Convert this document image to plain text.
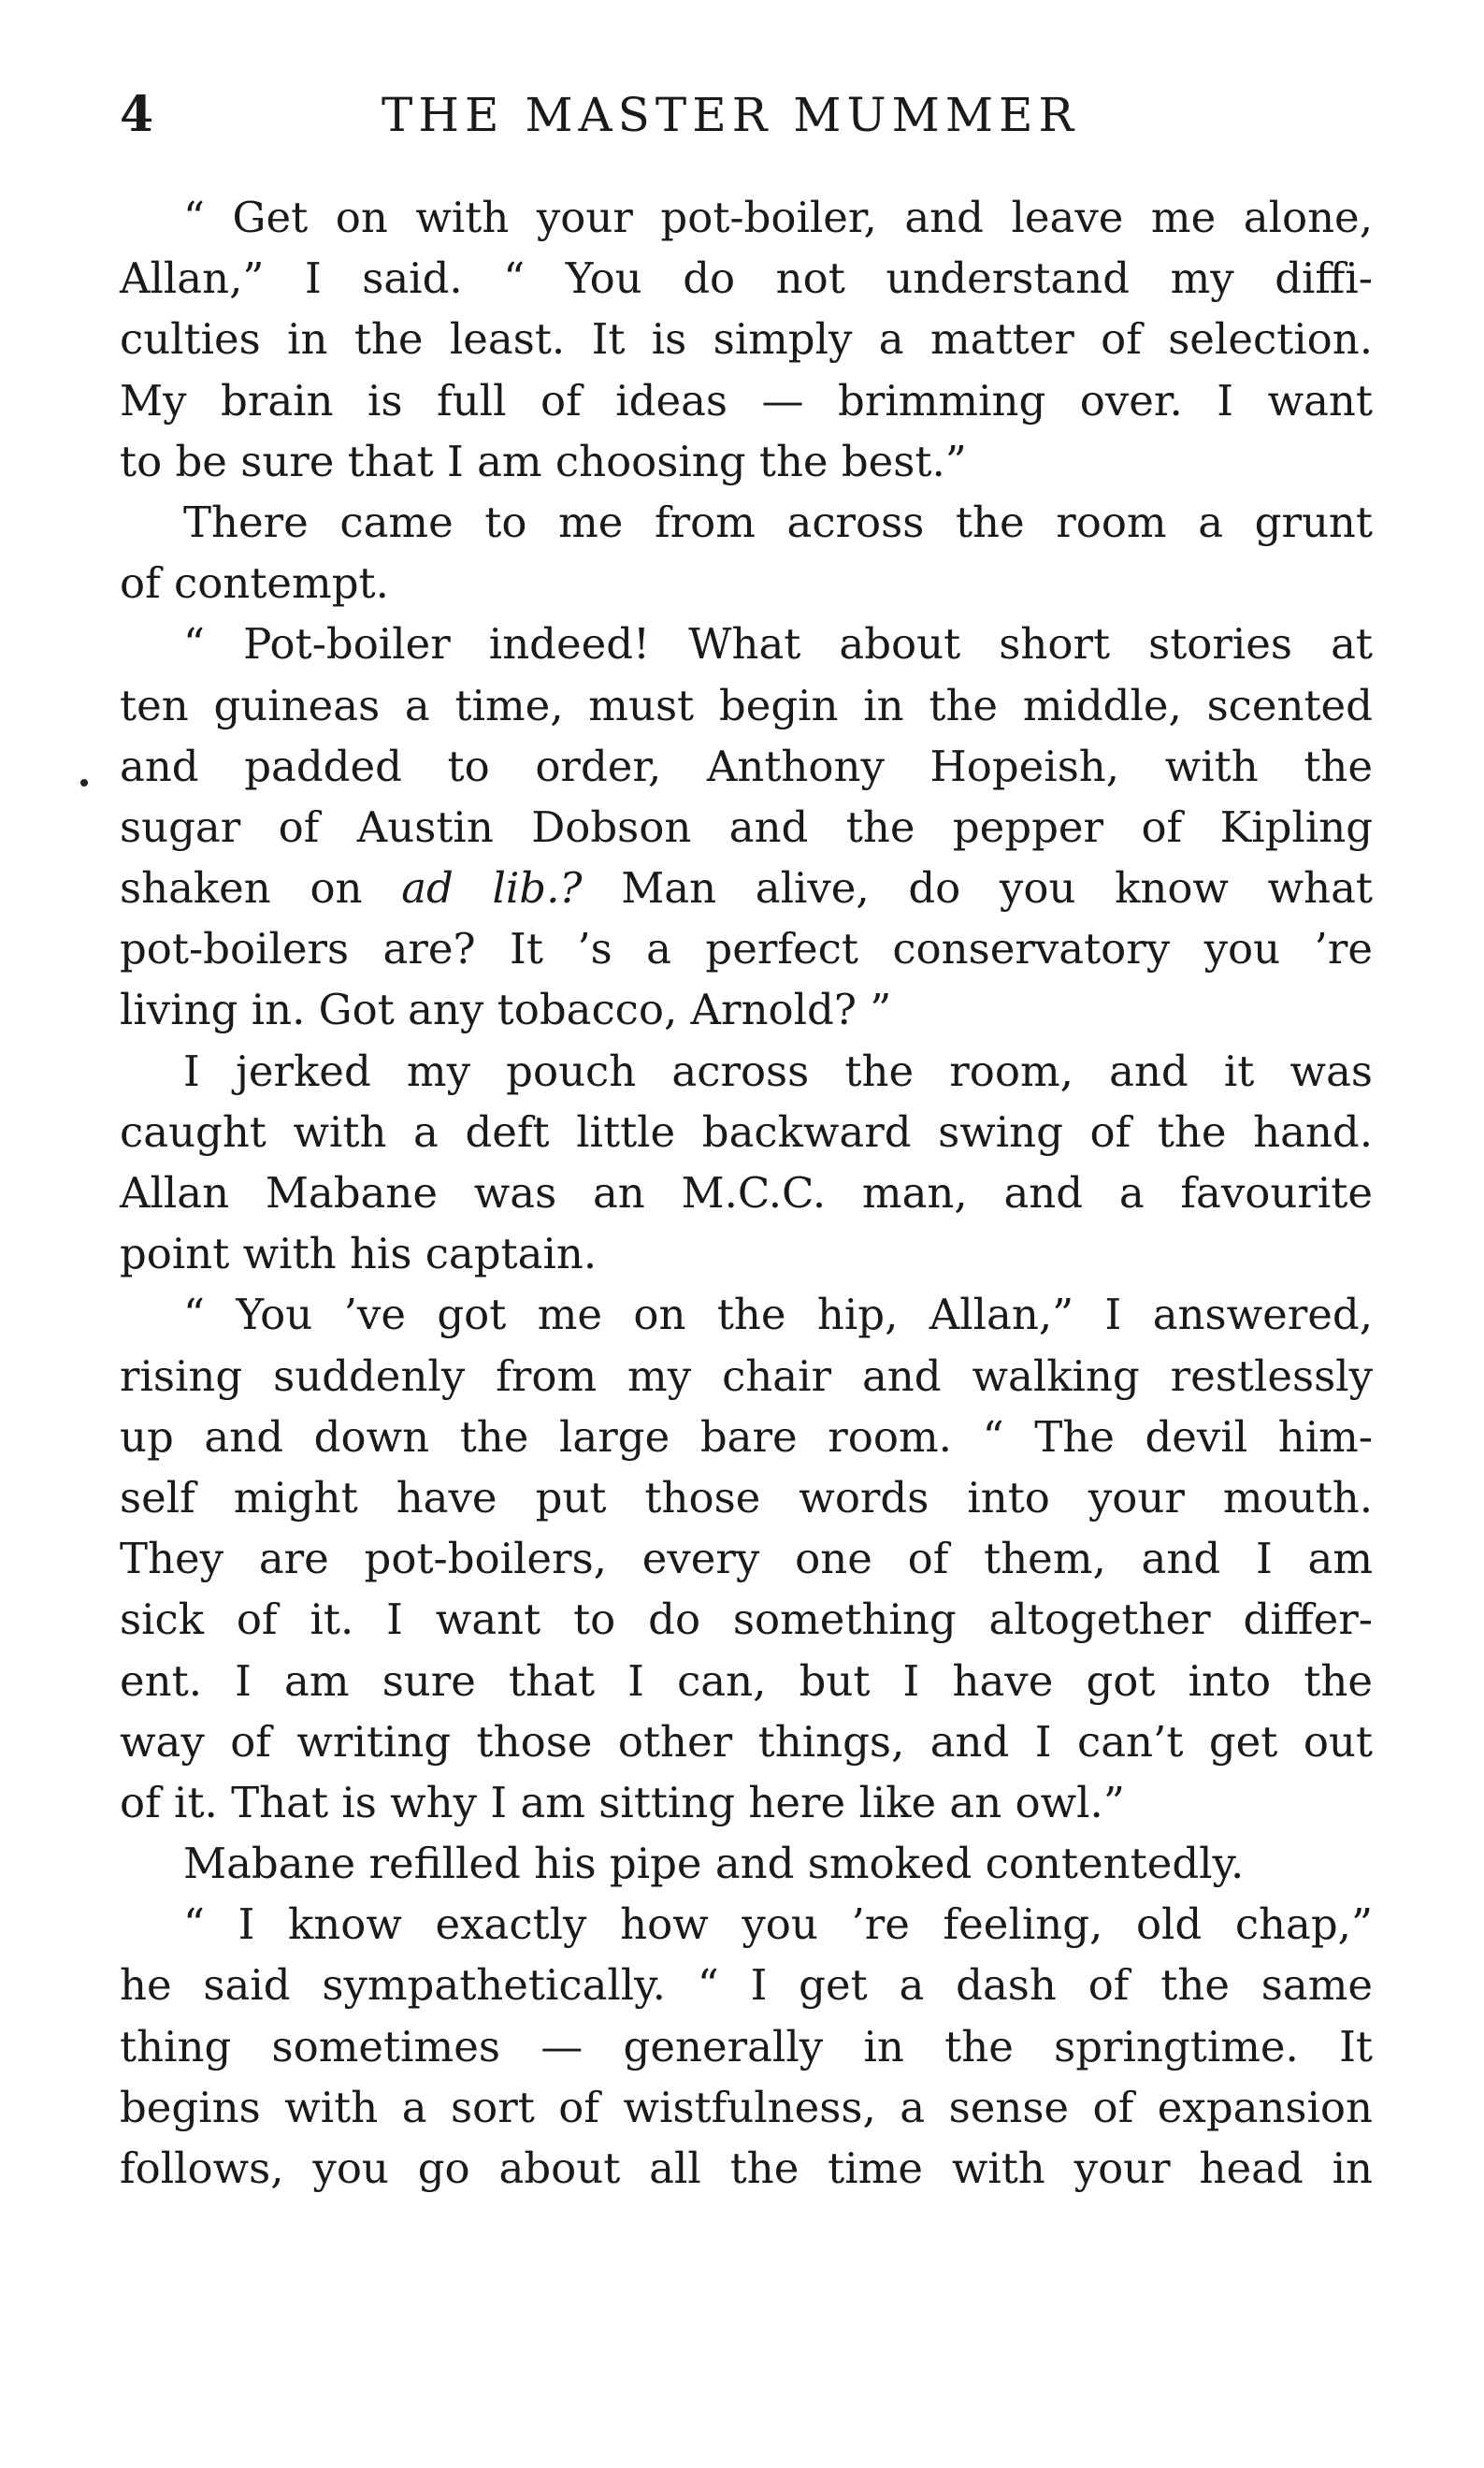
4	THE MASTER MUMMER
“ Get on with your pot-boiler, and leave me alone,
Allan,” I said. “ You do not understand my diffi-
culties in the least. It is simply a matter of selection.
My brain is full of ideas — brimming over. I want
to be sure that I am choosing the best.”
There came to me from across the room a grunt
of contempt.
“ Pot-boiler indeed! What about short stories at
ten guineas a time, must begin in the middle, scented
and padded to order, Anthony Hopeish, with the
sugar of Austin Dobson and the pepper of Kipling
shaken on ad lib.? Man alive, do you know what
pot-boilers are? It ’s a perfect conservatory you ’re
living in. Got any tobacco, Arnold? ”
I jerked my pouch across the room, and it was
caught with a deft little backward swing of the hand.
Allan Mabane was an M.C.C. man, and a favourite
point with his captain.
“ You ’ve got me on the hip, Allan,” I answered,
rising suddenly from my chair and walking restlessly
up and down the large bare room. “ The devil him-
self might have put those words into your mouth.
They are pot-boilers, every one of them, and I am
sick of it. I want to do something altogether differ-
ent. I am sure that I can, but I have got into the
way of writing those other things, and I can’t get out
of it. That is why I am sitting here like an owl.”
Mabane refilled his pipe and smoked contentedly.
“ I know exactly how you ’re feeling, old chap,”
he said sympathetically. “ I get a dash of the same
thing sometimes — generally in the springtime. It
begins with a sort of wistfulness, a sense of expansion
follows, you go about all the time with your head in
